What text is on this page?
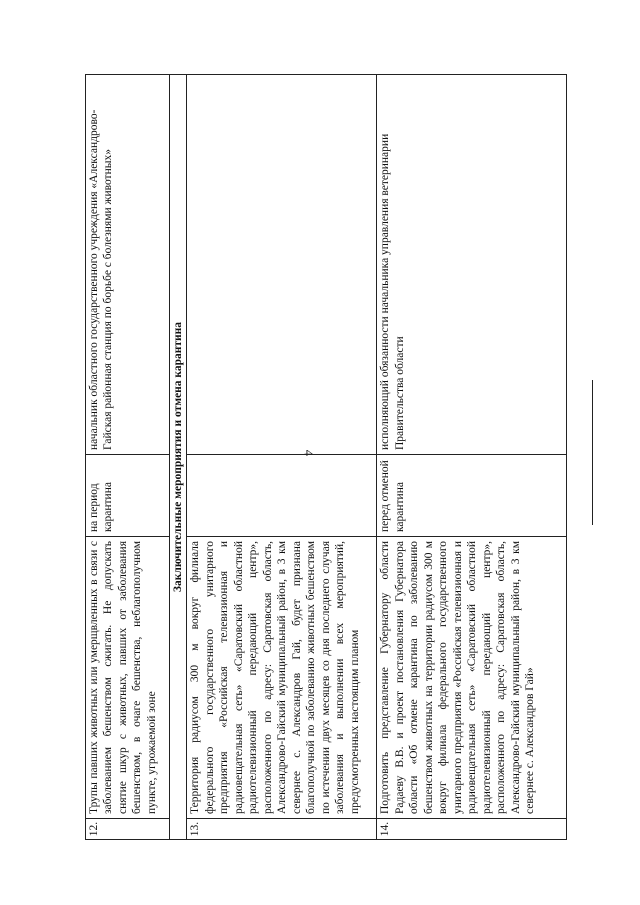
4
12.	Трупы павших животных или умерщвленных в связи с заболеванием бешенством сжигать. Не допускать снятие шкур с животных, павших от заболевания бешенством, в очаге бешенства, неблагополучном пункте, угрожаемой зоне	на период карантина	начальник областного государственного учреждения «Александрово-Гайская районная станция по борьбе с болезнями животных»
Заключительные мероприятия и отмена карантина			
13.	Территория радиусом 300 м вокруг филиала федерального государственного унитарного предприятия «Российская телевизионная и радиовещательная сеть» «Саратовский областной радиотелевизионный передающий центр», расположенного по адресу: Саратовская область, Александрово-Гайский муниципальный район, в 3 км севернее с. Александров Гай, будет признана благополучной по заболеванию животных бешенством по истечении двух месяцев со дня последнего случая заболевания и выполнении всех мероприятий, предусмотренных настоящим планом		
14.	Подготовить представление Губернатору области Радаеву В.В. и проект постановления Губернатора области «Об отмене карантина по заболеванию бешенством животных на территории радиусом 300 м вокруг филиала федерального государственного унитарного предприятия «Российская телевизионная и радиовещательная сеть» «Саратовский областной радиотелевизионный передающий центр», расположенного по адресу: Саратовская область, Александрово-Гайский муниципальный район, в 3 км севернее с. Александров Гай»	перед отменой карантина	исполняющий обязанности начальника управления ветеринарии Правительства области
